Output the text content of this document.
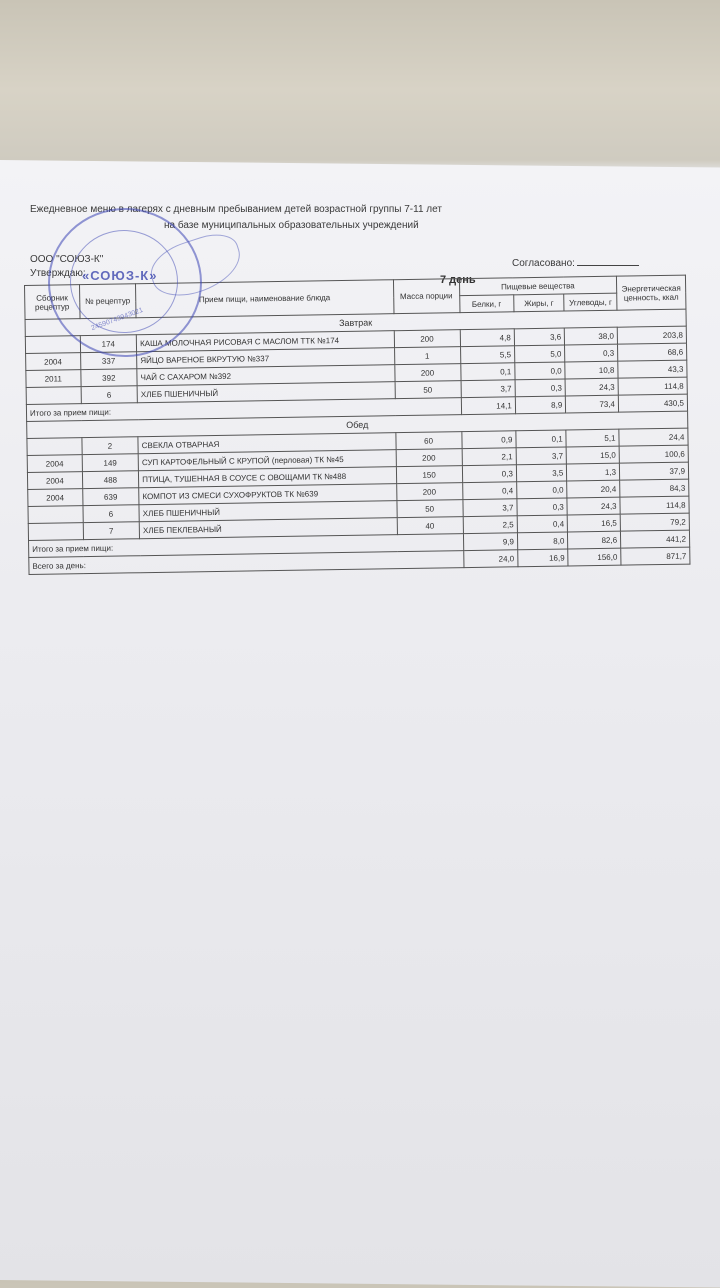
Ежедневное меню в лагерях с дневным пребыванием детей возрастной группы 7-11 лет
на базе муниципальных образовательных учреждений
ООО "СОЮЗ-К"
Утверждаю:
Согласовано:
7 день
Сборник рецептур	№ рецептур	Прием пищи, наименование блюда	Масса порции	Пищевые вещества			Энергетическая ценность, ккал
				Белки, г	Жиры, г	Углеводы, г	
Завтрак							
	174	КАША МОЛОЧНАЯ РИСОВАЯ С МАСЛОМ ТТК №174	200	4,8	3,6	38,0	203,8
2004	337	ЯЙЦО ВАРЕНОЕ ВКРУТУЮ №337	1	5,5	5,0	0,3	68,6
2011	392	ЧАЙ С САХАРОМ №392	200	0,1	0,0	10,8	43,3
	6	ХЛЕБ ПШЕНИЧНЫЙ	50	3,7	0,3	24,3	114,8
Итого за прием пищи:				14,1	8,9	73,4	430,5
Обед							
	2	СВЕКЛА ОТВАРНАЯ	60	0,9	0,1	5,1	24,4
2004	149	СУП КАРТОФЕЛЬНЫЙ С КРУПОЙ (перловая) ТК №45	200	2,1	3,7	15,0	100,6
2004	488	ПТИЦА, ТУШЕННАЯ В СОУСЕ С ОВОЩАМИ ТК №488	150	0,3	3,5	1,3	37,9
2004	639	КОМПОТ ИЗ СМЕСИ СУХОФРУКТОВ ТК №639	200	0,4	0,0	20,4	84,3
	6	ХЛЕБ ПШЕНИЧНЫЙ	50	3,7	0,3	24,3	114,8
	7	ХЛЕБ ПЕКЛЕВАНЫЙ	40	2,5	0,4	16,5	79,2
Итого за прием пищи:				9,9	8,0	82,6	441,2
Всего за день:				24,0	16,9	156,0	871,7
«СОЮЗ-К»
24590743943021
